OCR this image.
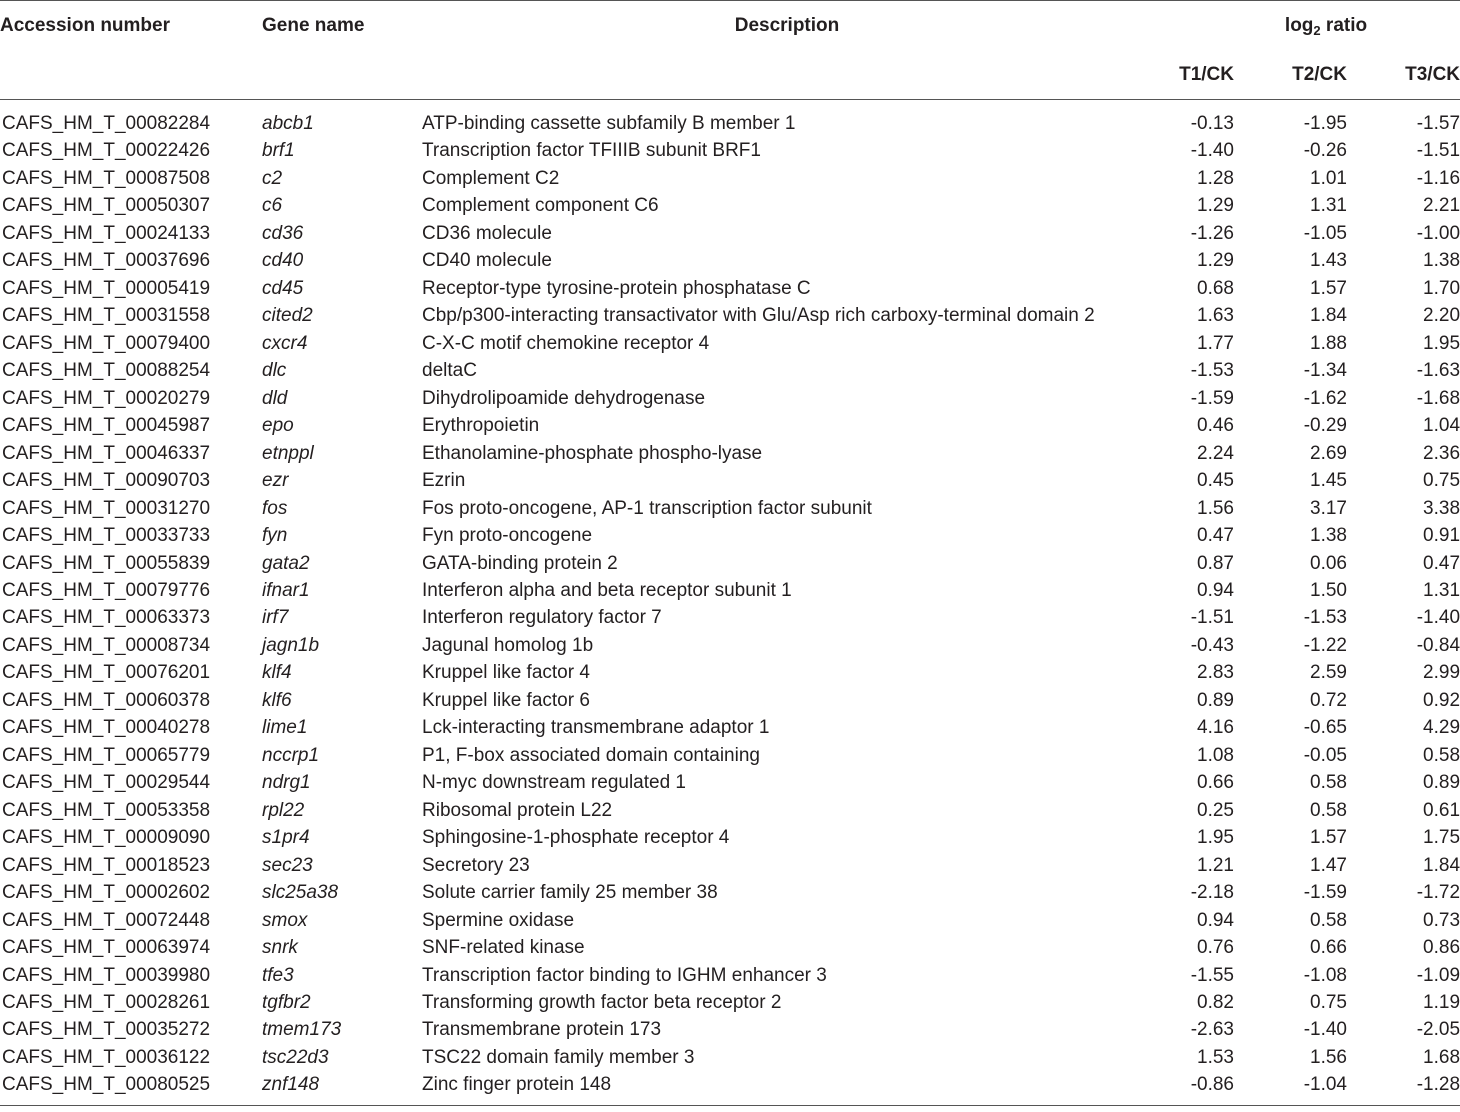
Accession number	Gene name	Description	$\log_2$ ratio		
			T1/CK	T2/CK	T3/CK
CAFS_HM_T_00082284	abcb1	ATP-binding cassette subfamily B member 1	-0.13	-1.95	-1.57
CAFS_HM_T_00022426	brf1	Transcription factor TFIIIB subunit BRF1	-1.40	-0.26	-1.51
CAFS_HM_T_00087508	c2	Complement C2	1.28	1.01	-1.16
CAFS_HM_T_00050307	c6	Complement component C6	1.29	1.31	2.21
CAFS_HM_T_00024133	cd36	CD36 molecule	-1.26	-1.05	-1.00
CAFS_HM_T_00037696	cd40	CD40 molecule	1.29	1.43	1.38
CAFS_HM_T_00005419	cd45	Receptor-type tyrosine-protein phosphatase C	0.68	1.57	1.70
CAFS_HM_T_00031558	cited2	Cbp/p300-interacting transactivator with Glu/Asp rich carboxy-terminal domain 2	1.63	1.84	2.20
CAFS_HM_T_00079400	cxcr4	C-X-C motif chemokine receptor 4	1.77	1.88	1.95
CAFS_HM_T_00088254	dlc	deltaC	-1.53	-1.34	-1.63
CAFS_HM_T_00020279	dld	Dihydrolipoamide dehydrogenase	-1.59	-1.62	-1.68
CAFS_HM_T_00045987	epo	Erythropoietin	0.46	-0.29	1.04
CAFS_HM_T_00046337	etnppl	Ethanolamine-phosphate phospho-lyase	2.24	2.69	2.36
CAFS_HM_T_00090703	ezr	Ezrin	0.45	1.45	0.75
CAFS_HM_T_00031270	fos	Fos proto-oncogene, AP-1 transcription factor subunit	1.56	3.17	3.38
CAFS_HM_T_00033733	fyn	Fyn proto-oncogene	0.47	1.38	0.91
CAFS_HM_T_00055839	gata2	GATA-binding protein 2	0.87	0.06	0.47
CAFS_HM_T_00079776	ifnar1	Interferon alpha and beta receptor subunit 1	0.94	1.50	1.31
CAFS_HM_T_00063373	irf7	Interferon regulatory factor 7	-1.51	-1.53	-1.40
CAFS_HM_T_00008734	jagn1b	Jagunal homolog 1b	-0.43	-1.22	-0.84
CAFS_HM_T_00076201	klf4	Kruppel like factor 4	2.83	2.59	2.99
CAFS_HM_T_00060378	klf6	Kruppel like factor 6	0.89	0.72	0.92
CAFS_HM_T_00040278	lime1	Lck-interacting transmembrane adaptor 1	4.16	-0.65	4.29
CAFS_HM_T_00065779	nccrp1	P1, F-box associated domain containing	1.08	-0.05	0.58
CAFS_HM_T_00029544	ndrg1	N-myc downstream regulated 1	0.66	0.58	0.89
CAFS_HM_T_00053358	rpl22	Ribosomal protein L22	0.25	0.58	0.61
CAFS_HM_T_00009090	s1pr4	Sphingosine-1-phosphate receptor 4	1.95	1.57	1.75
CAFS_HM_T_00018523	sec23	Secretory 23	1.21	1.47	1.84
CAFS_HM_T_00002602	slc25a38	Solute carrier family 25 member 38	-2.18	-1.59	-1.72
CAFS_HM_T_00072448	smox	Spermine oxidase	0.94	0.58	0.73
CAFS_HM_T_00063974	snrk	SNF-related kinase	0.76	0.66	0.86
CAFS_HM_T_00039980	tfe3	Transcription factor binding to IGHM enhancer 3	-1.55	-1.08	-1.09
CAFS_HM_T_00028261	tgfbr2	Transforming growth factor beta receptor 2	0.82	0.75	1.19
CAFS_HM_T_00035272	tmem173	Transmembrane protein 173	-2.63	-1.40	-2.05
CAFS_HM_T_00036122	tsc22d3	TSC22 domain family member 3	1.53	1.56	1.68
CAFS_HM_T_00080525	znf148	Zinc finger protein 148	-0.86	-1.04	-1.28
